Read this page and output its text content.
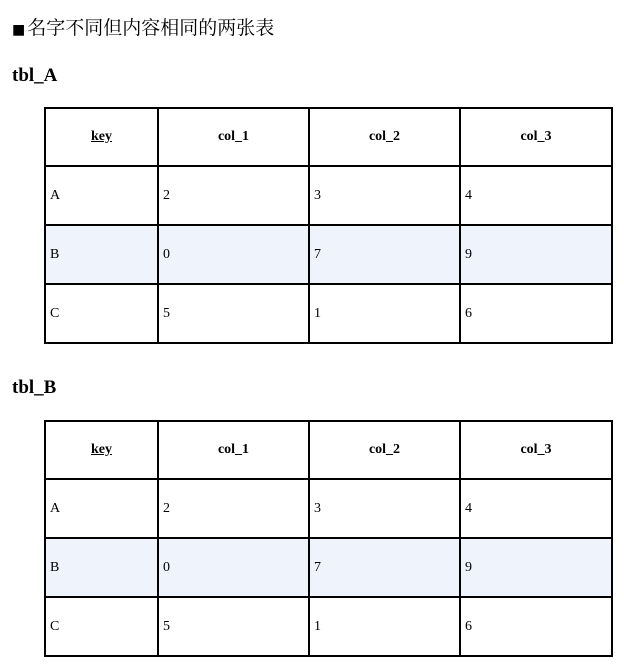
■ 名字不同但内容相同的两张表
tbl_A
key	col_1	col_2	col_3
A	2	3	4
B	0	7	9
C	5	1	6
tbl_B
key	col_1	col_2	col_3
A	2	3	4
B	0	7	9
C	5	1	6
